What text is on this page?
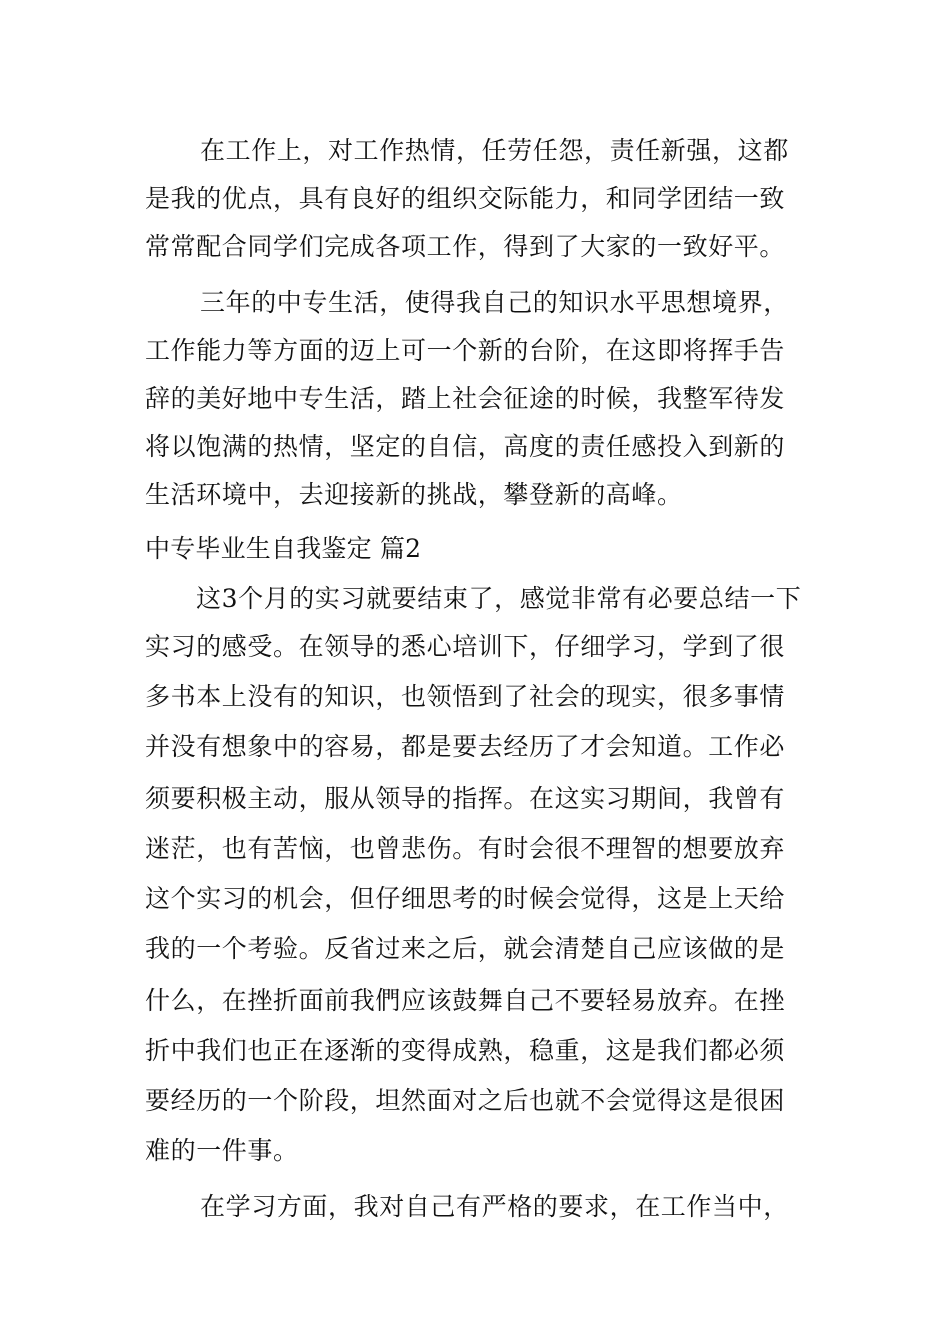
在工作上，对工作热情，任劳任怨，责任新强，这都
是我的优点，具有良好的组织交际能力，和同学团结一致
常常配合同学们完成各项工作，得到了大家的一致好平。
三年的中专生活，使得我自己的知识水平思想境界，
工作能力等方面的迈上可一个新的台阶，在这即将挥手告
辞的美好地中专生活，踏上社会征途的时候，我整军待发
将以饱满的热情，坚定的自信，高度的责任感投入到新的
生活环境中，去迎接新的挑战，攀登新的高峰。
中专毕业生自我鉴定 篇2
这3个月的实习就要结束了，感觉非常有必要总结一下
实习的感受。在领导的悉心培训下，仔细学习，学到了很
多书本上没有的知识，也领悟到了社会的现实，很多事情
并没有想象中的容易，都是要去经历了才会知道。工作必
须要积极主动，服从领导的指挥。在这实习期间，我曾有
迷茫，也有苦恼，也曾悲伤。有时会很不理智的想要放弃
这个实习的机会，但仔细思考的时候会觉得，这是上天给
我的一个考验。反省过来之后，就会清楚自己应该做的是
什么，在挫折面前我們应该鼓舞自己不要轻易放弃。在挫
折中我们也正在逐渐的变得成熟，稳重，这是我们都必须
要经历的一个阶段，坦然面对之后也就不会觉得这是很困
难的一件事。
在学习方面，我对自己有严格的要求，在工作当中，
